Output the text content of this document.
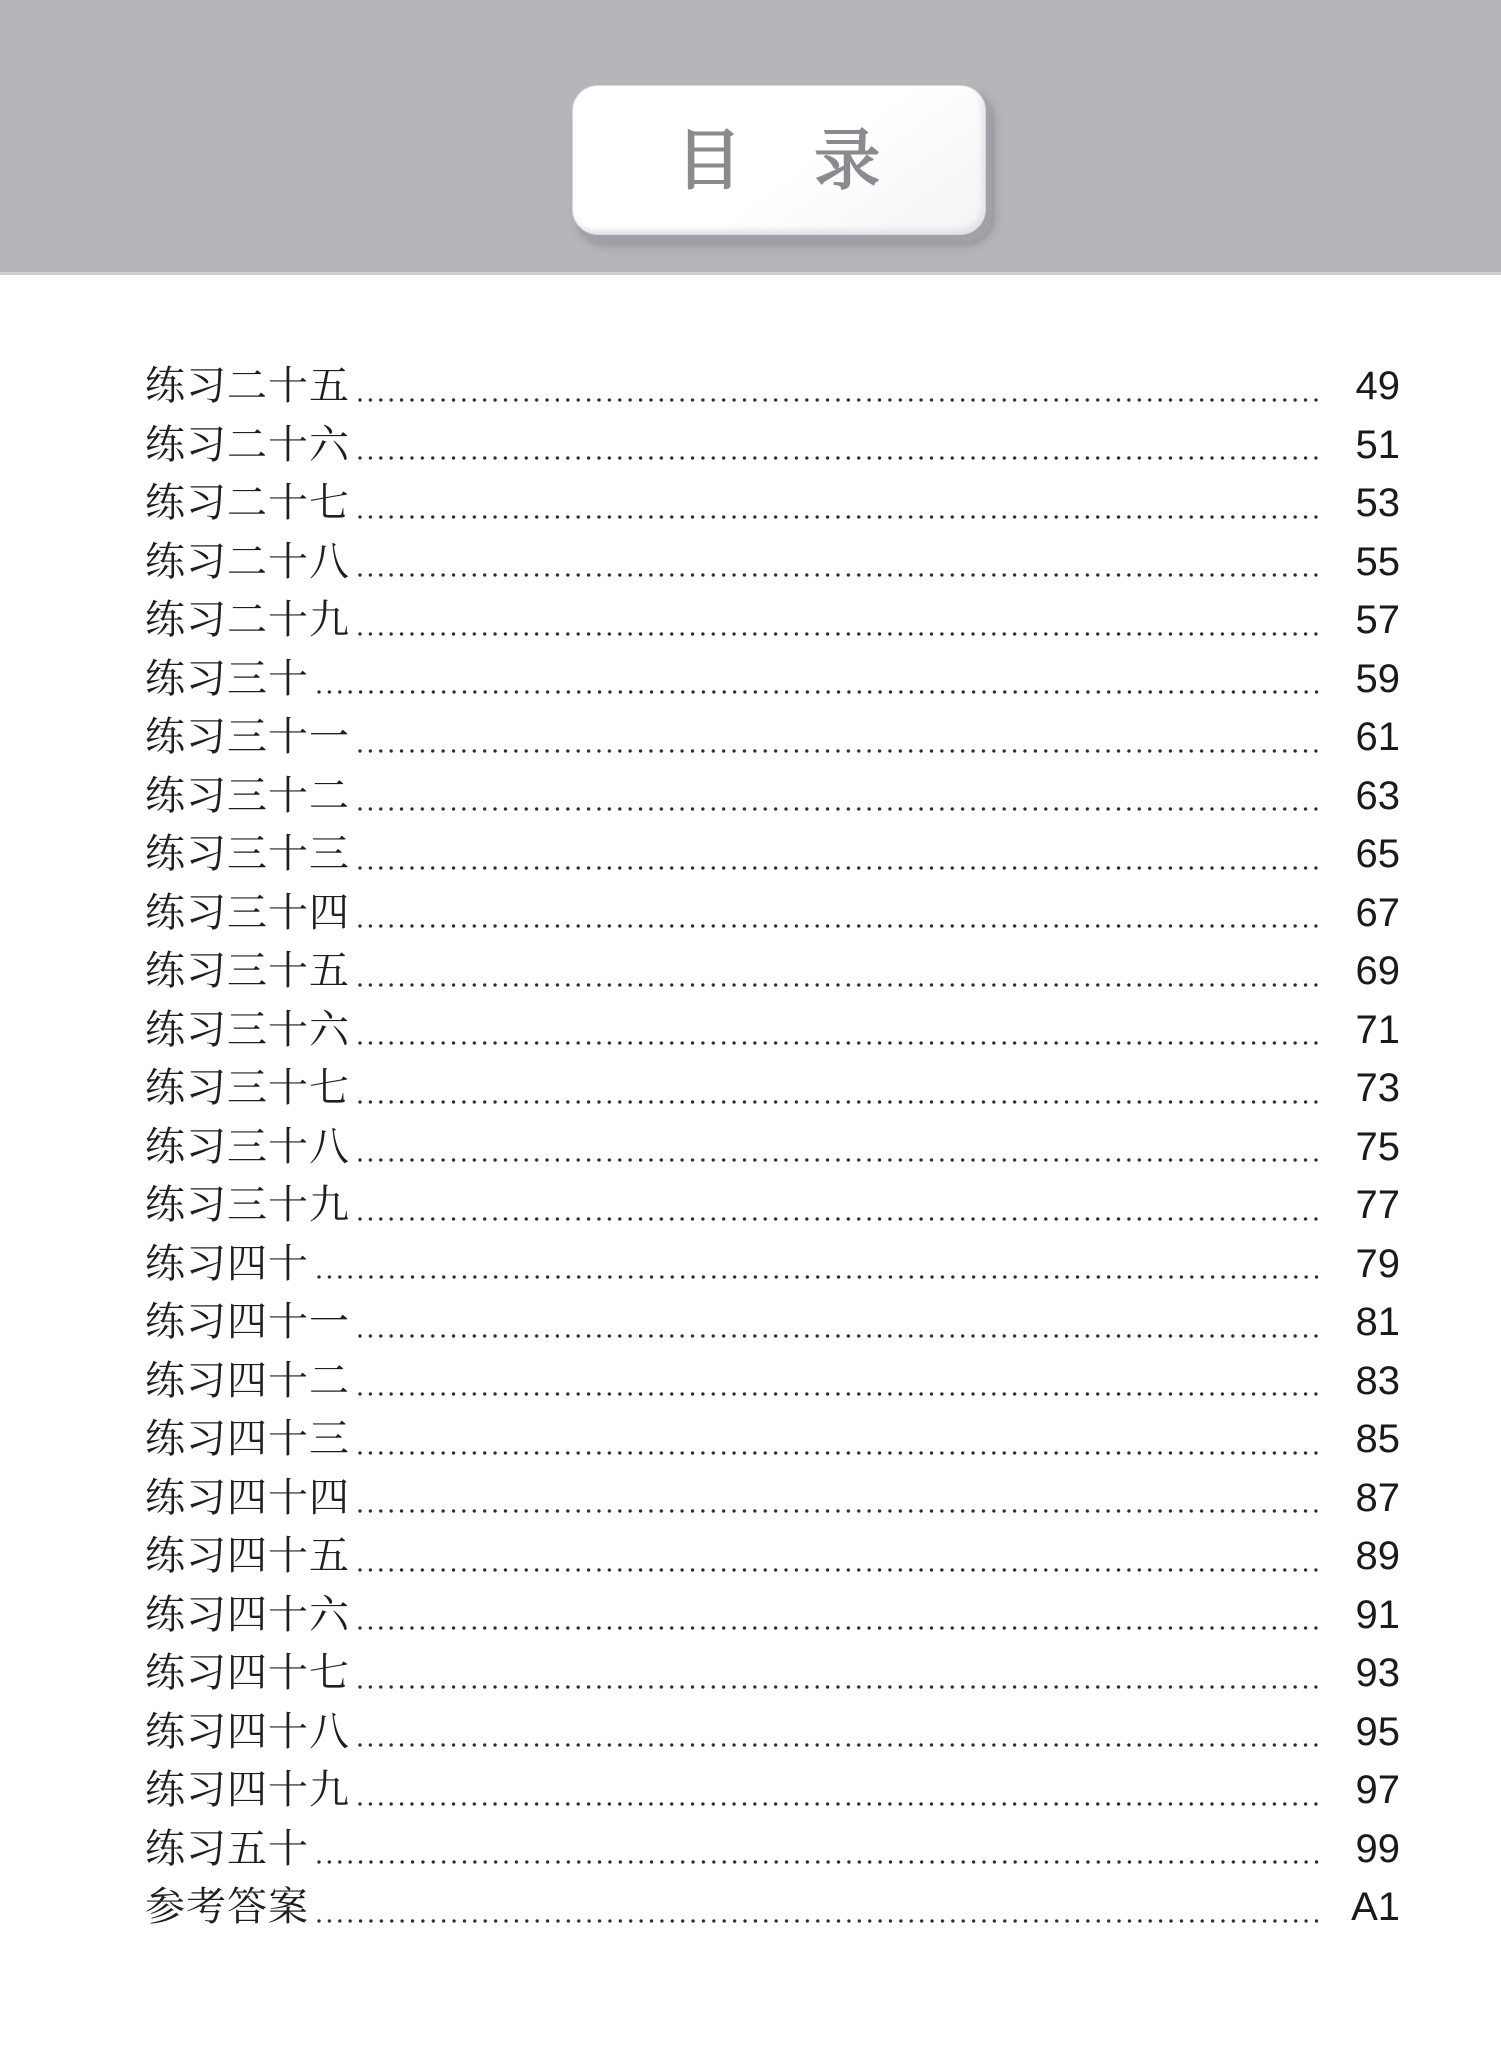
目 录
练习二十五	49
练习二十六	51
练习二十七	53
练习二十八	55
练习二十九	57
练习三十	59
练习三十一	61
练习三十二	63
练习三十三	65
练习三十四	67
练习三十五	69
练习三十六	71
练习三十七	73
练习三十八	75
练习三十九	77
练习四十	79
练习四十一	81
练习四十二	83
练习四十三	85
练习四十四	87
练习四十五	89
练习四十六	91
练习四十七	93
练习四十八	95
练习四十九	97
练习五十	99
参考答案	A1
